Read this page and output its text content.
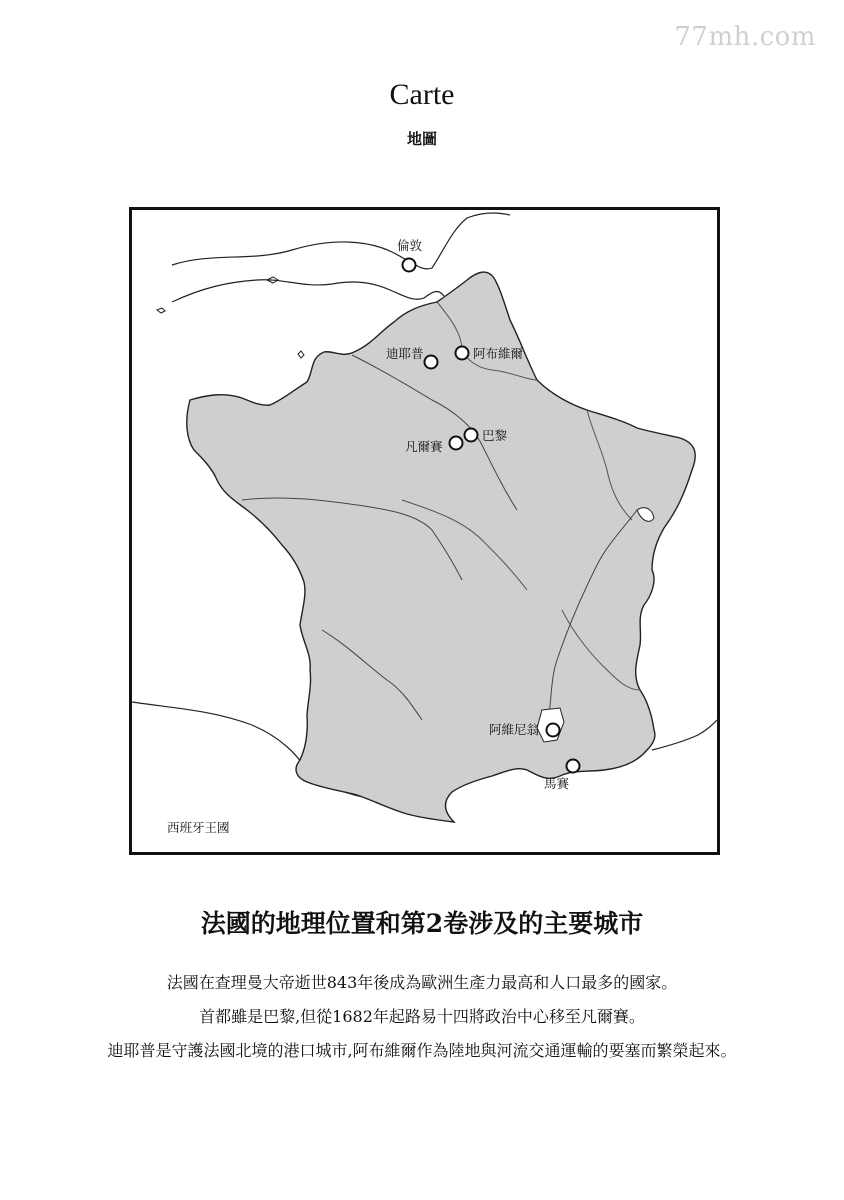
77mh.com
Carte
地圖
倫敦
迪耶普	阿布維爾
巴黎
凡爾賽
阿維尼翁
馬賽
西班牙王國
法國的地理位置和第2卷涉及的主要城市
法國在查理曼大帝逝世843年後成為歐洲生產力最高和人口最多的國家。
首都雖是巴黎,但從1682年起路易十四將政治中心移至凡爾賽。
迪耶普是守護法國北境的港口城市,阿布維爾作為陸地與河流交通運輸的要塞而繁榮起來。
